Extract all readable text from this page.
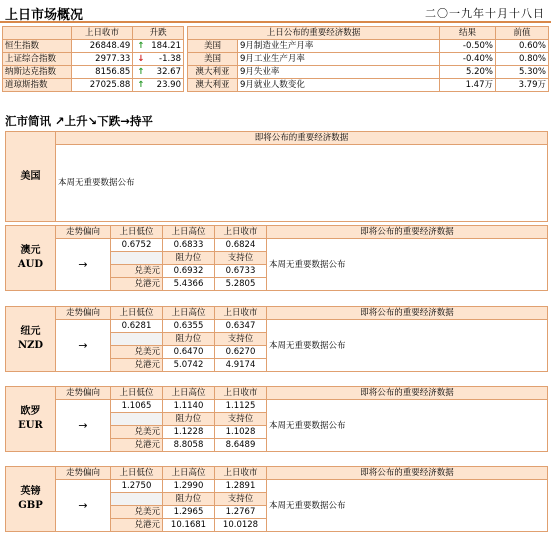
上日市场概况	二〇一九年十月十八日
	上日收市	升跌
恒生指数	26848.49	↑ 184.21
上证综合指数	2977.33	↓ -1.38
纳斯达克指数	8156.85	↑ 32.67
道琼斯指数	27025.88	↑ 23.90
上日公布的重要经济数据		结果	前值
美国	9月制造业生产月率	-0.50%	0.60%
美国	9月工业生产月率	-0.40%	0.80%
澳大利亚	9月失业率	5.20%	5.30%
澳大利亚	9月就业人数变化	1.47万	3.79万
汇市简讯 ↗上升↘下跌→持平
美国	即将公布的重要经济数据
本周无重要数据公布
澳元
AUD	走势偏向	上日低位	上日高位	上日收市	即将公布的重要经济数据
	→	0.6752	0.6833	0.6824	本周无重要数据公布
			阻力位	支持位	
		兑美元	0.6932	0.6733	
		兑港元	5.4366	5.2805	
纽元
NZD	走势偏向	上日低位	上日高位	上日收市	即将公布的重要经济数据
	→	0.6281	0.6355	0.6347	本周无重要数据公布
			阻力位	支持位	
		兑美元	0.6470	0.6270	
		兑港元	5.0742	4.9174	
欧罗
EUR	走势偏向	上日低位	上日高位	上日收市	即将公布的重要经济数据
	→	1.1065	1.1140	1.1125	本周无重要数据公布
			阻力位	支持位	
		兑美元	1.1228	1.1028	
		兑港元	8.8058	8.6489	
英镑
GBP	走势偏向	上日低位	上日高位	上日收市	即将公布的重要经济数据
	→	1.2750	1.2990	1.2891	本周无重要数据公布
			阻力位	支持位	
		兑美元	1.2965	1.2767	
		兑港元	10.1681	10.0128	
